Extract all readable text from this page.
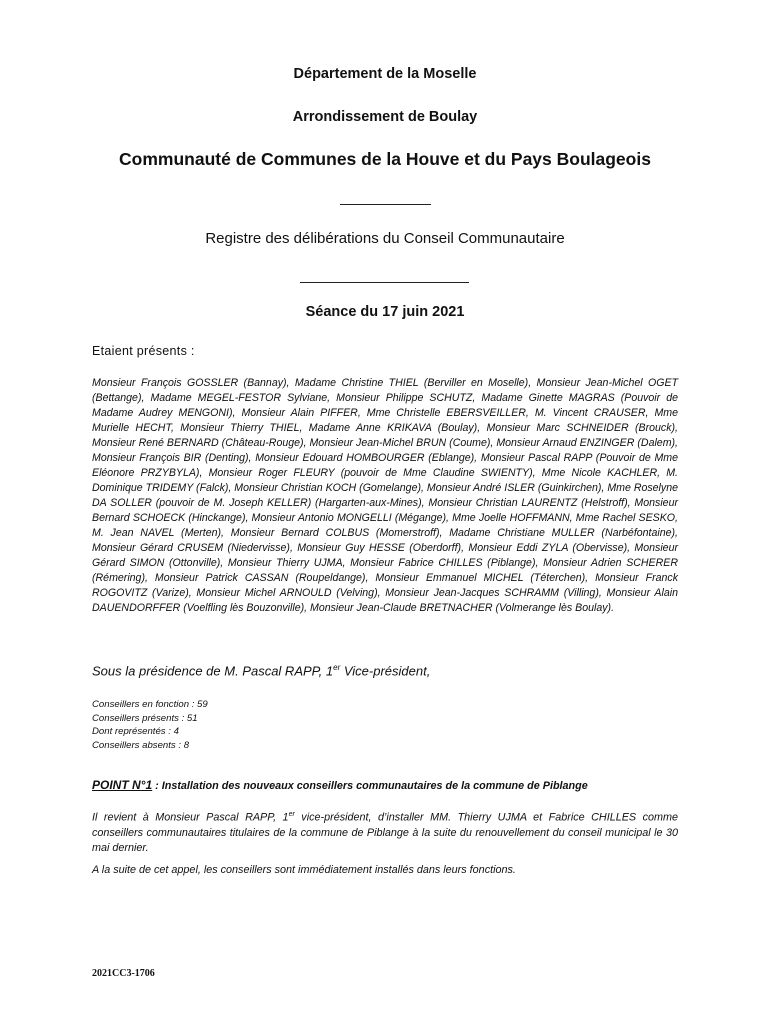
Département de la Moselle
Arrondissement de Boulay
Communauté de Communes de la Houve et du Pays Boulageois
Registre des délibérations du Conseil Communautaire
Séance du 17 juin 2021
Etaient présents :
Monsieur François GOSSLER (Bannay), Madame Christine THIEL (Berviller en Moselle), Monsieur Jean-Michel OGET (Bettange), Madame MEGEL-FESTOR Sylviane, Monsieur Philippe SCHUTZ, Madame Ginette MAGRAS (Pouvoir de Madame Audrey MENGONI), Monsieur Alain PIFFER, Mme Christelle EBERSVEILLER, M. Vincent CRAUSER, Mme Murielle HECHT, Monsieur Thierry THIEL, Madame Anne KRIKAVA (Boulay), Monsieur Marc SCHNEIDER (Brouck), Monsieur René BERNARD (Château-Rouge), Monsieur Jean-Michel BRUN (Coume), Monsieur Arnaud ENZINGER (Dalem), Monsieur François BIR (Denting), Monsieur Edouard HOMBOURGER (Eblange), Monsieur Pascal RAPP (Pouvoir de Mme Eléonore PRZYBYLA), Monsieur Roger FLEURY (pouvoir de Mme Claudine SWIENTY), Mme Nicole KACHLER, M. Dominique TRIDEMY (Falck), Monsieur Christian KOCH (Gomelange), Monsieur André ISLER (Guinkirchen), Mme Roselyne DA SOLLER (pouvoir de M. Joseph KELLER) (Hargarten-aux-Mines), Monsieur Christian LAURENTZ (Helstroff), Monsieur Bernard SCHOECK (Hinckange), Monsieur Antonio MONGELLI (Mégange), Mme Joelle HOFFMANN, Mme Rachel SESKO, M. Jean NAVEL (Merten), Monsieur Bernard COLBUS (Momerstroff), Madame Christiane MULLER (Narbéfontaine), Monsieur Gérard CRUSEM (Niedervisse), Monsieur Guy HESSE (Oberdorff), Monsieur Eddi ZYLA (Obervisse), Monsieur Gérard SIMON (Ottonville), Monsieur Thierry UJMA, Monsieur Fabrice CHILLES (Piblange), Monsieur Adrien SCHERER (Rémering), Monsieur Patrick CASSAN (Roupeldange), Monsieur Emmanuel MICHEL (Téterchen), Monsieur Franck ROGOVITZ (Varize), Monsieur Michel ARNOULD (Velving), Monsieur Jean-Jacques SCHRAMM (Villing), Monsieur Alain DAUENDORFFER (Voelfling lès Bouzonville), Monsieur Jean-Claude BRETNACHER (Volmerange lès Boulay).
Sous la présidence de M. Pascal RAPP, 1er Vice-président,
Conseillers en fonction : 59
Conseillers présents : 51
Dont représentés : 4
Conseillers absents : 8
POINT N°1 : Installation des nouveaux conseillers communautaires de la commune de Piblange
Il revient à Monsieur Pascal RAPP, 1er vice-président, d’installer MM. Thierry UJMA et Fabrice CHILLES comme conseillers communautaires titulaires de la commune de Piblange à la suite du renouvellement du conseil municipal le 30 mai dernier.
A la suite de cet appel, les conseillers sont immédiatement installés dans leurs fonctions.
2021CC3-1706
